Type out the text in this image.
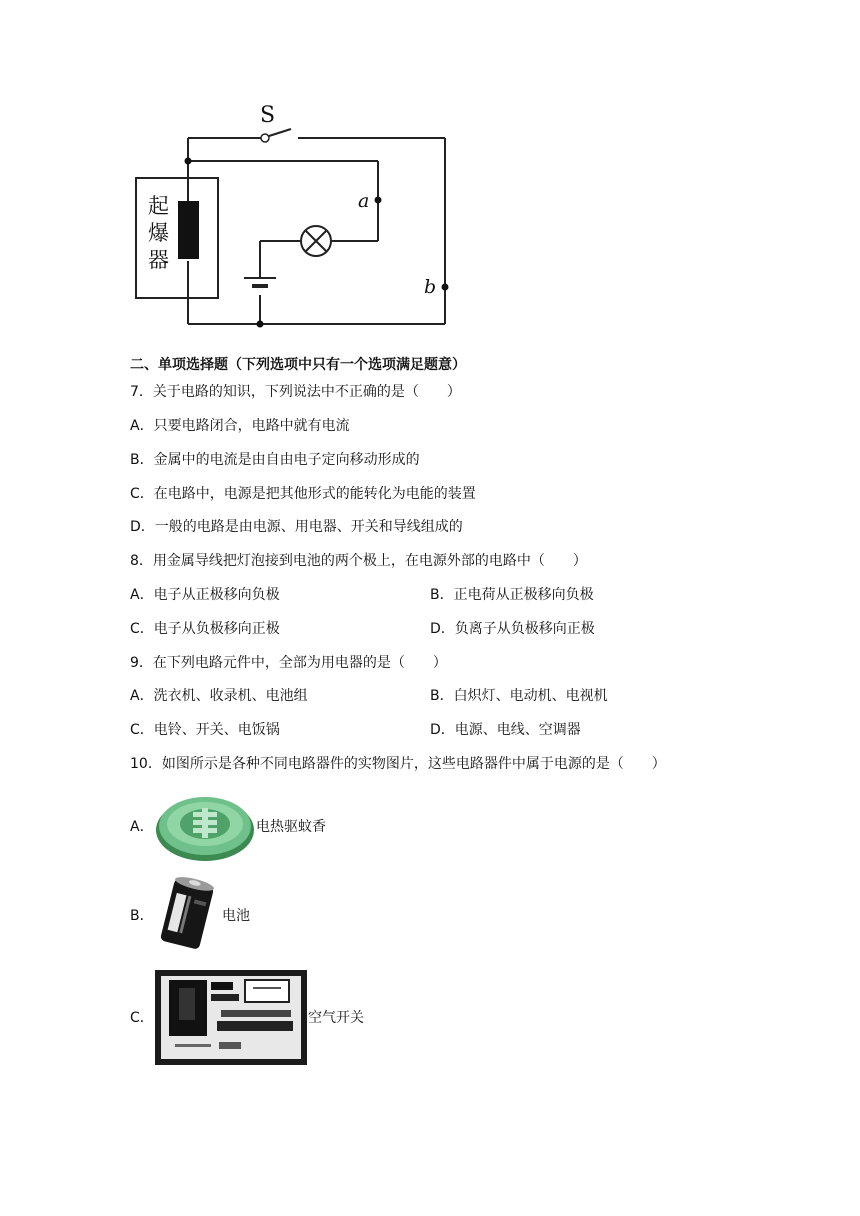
S
起
爆
器
a
b
二、单项选择题（下列选项中只有一个选项满足题意）
7．关于电路的知识，下列说法中不正确的是（　　）
A．只要电路闭合，电路中就有电流
B．金属中的电流是由自由电子定向移动形成的
C．在电路中，电源是把其他形式的能转化为电能的装置
D．一般的电路是由电源、用电器、开关和导线组成的
8．用金属导线把灯泡接到电池的两个极上，在电源外部的电路中（　　）
A．电子从正极移向负极	B．正电荷从正极移向负极
C．电子从负极移向正极	D．负离子从负极移向正极
9．在下列电路元件中，全部为用电器的是（　　）
A．洗衣机、收录机、电池组	B．白炽灯、电动机、电视机
C．电铃、开关、电饭锅	D．电源、电线、空调器
10．如图所示是各种不同电路器件的实物图片，这些电路器件中属于电源的是（　　）
A．	电热驱蚊香
B．	电池
C．	空气开关
